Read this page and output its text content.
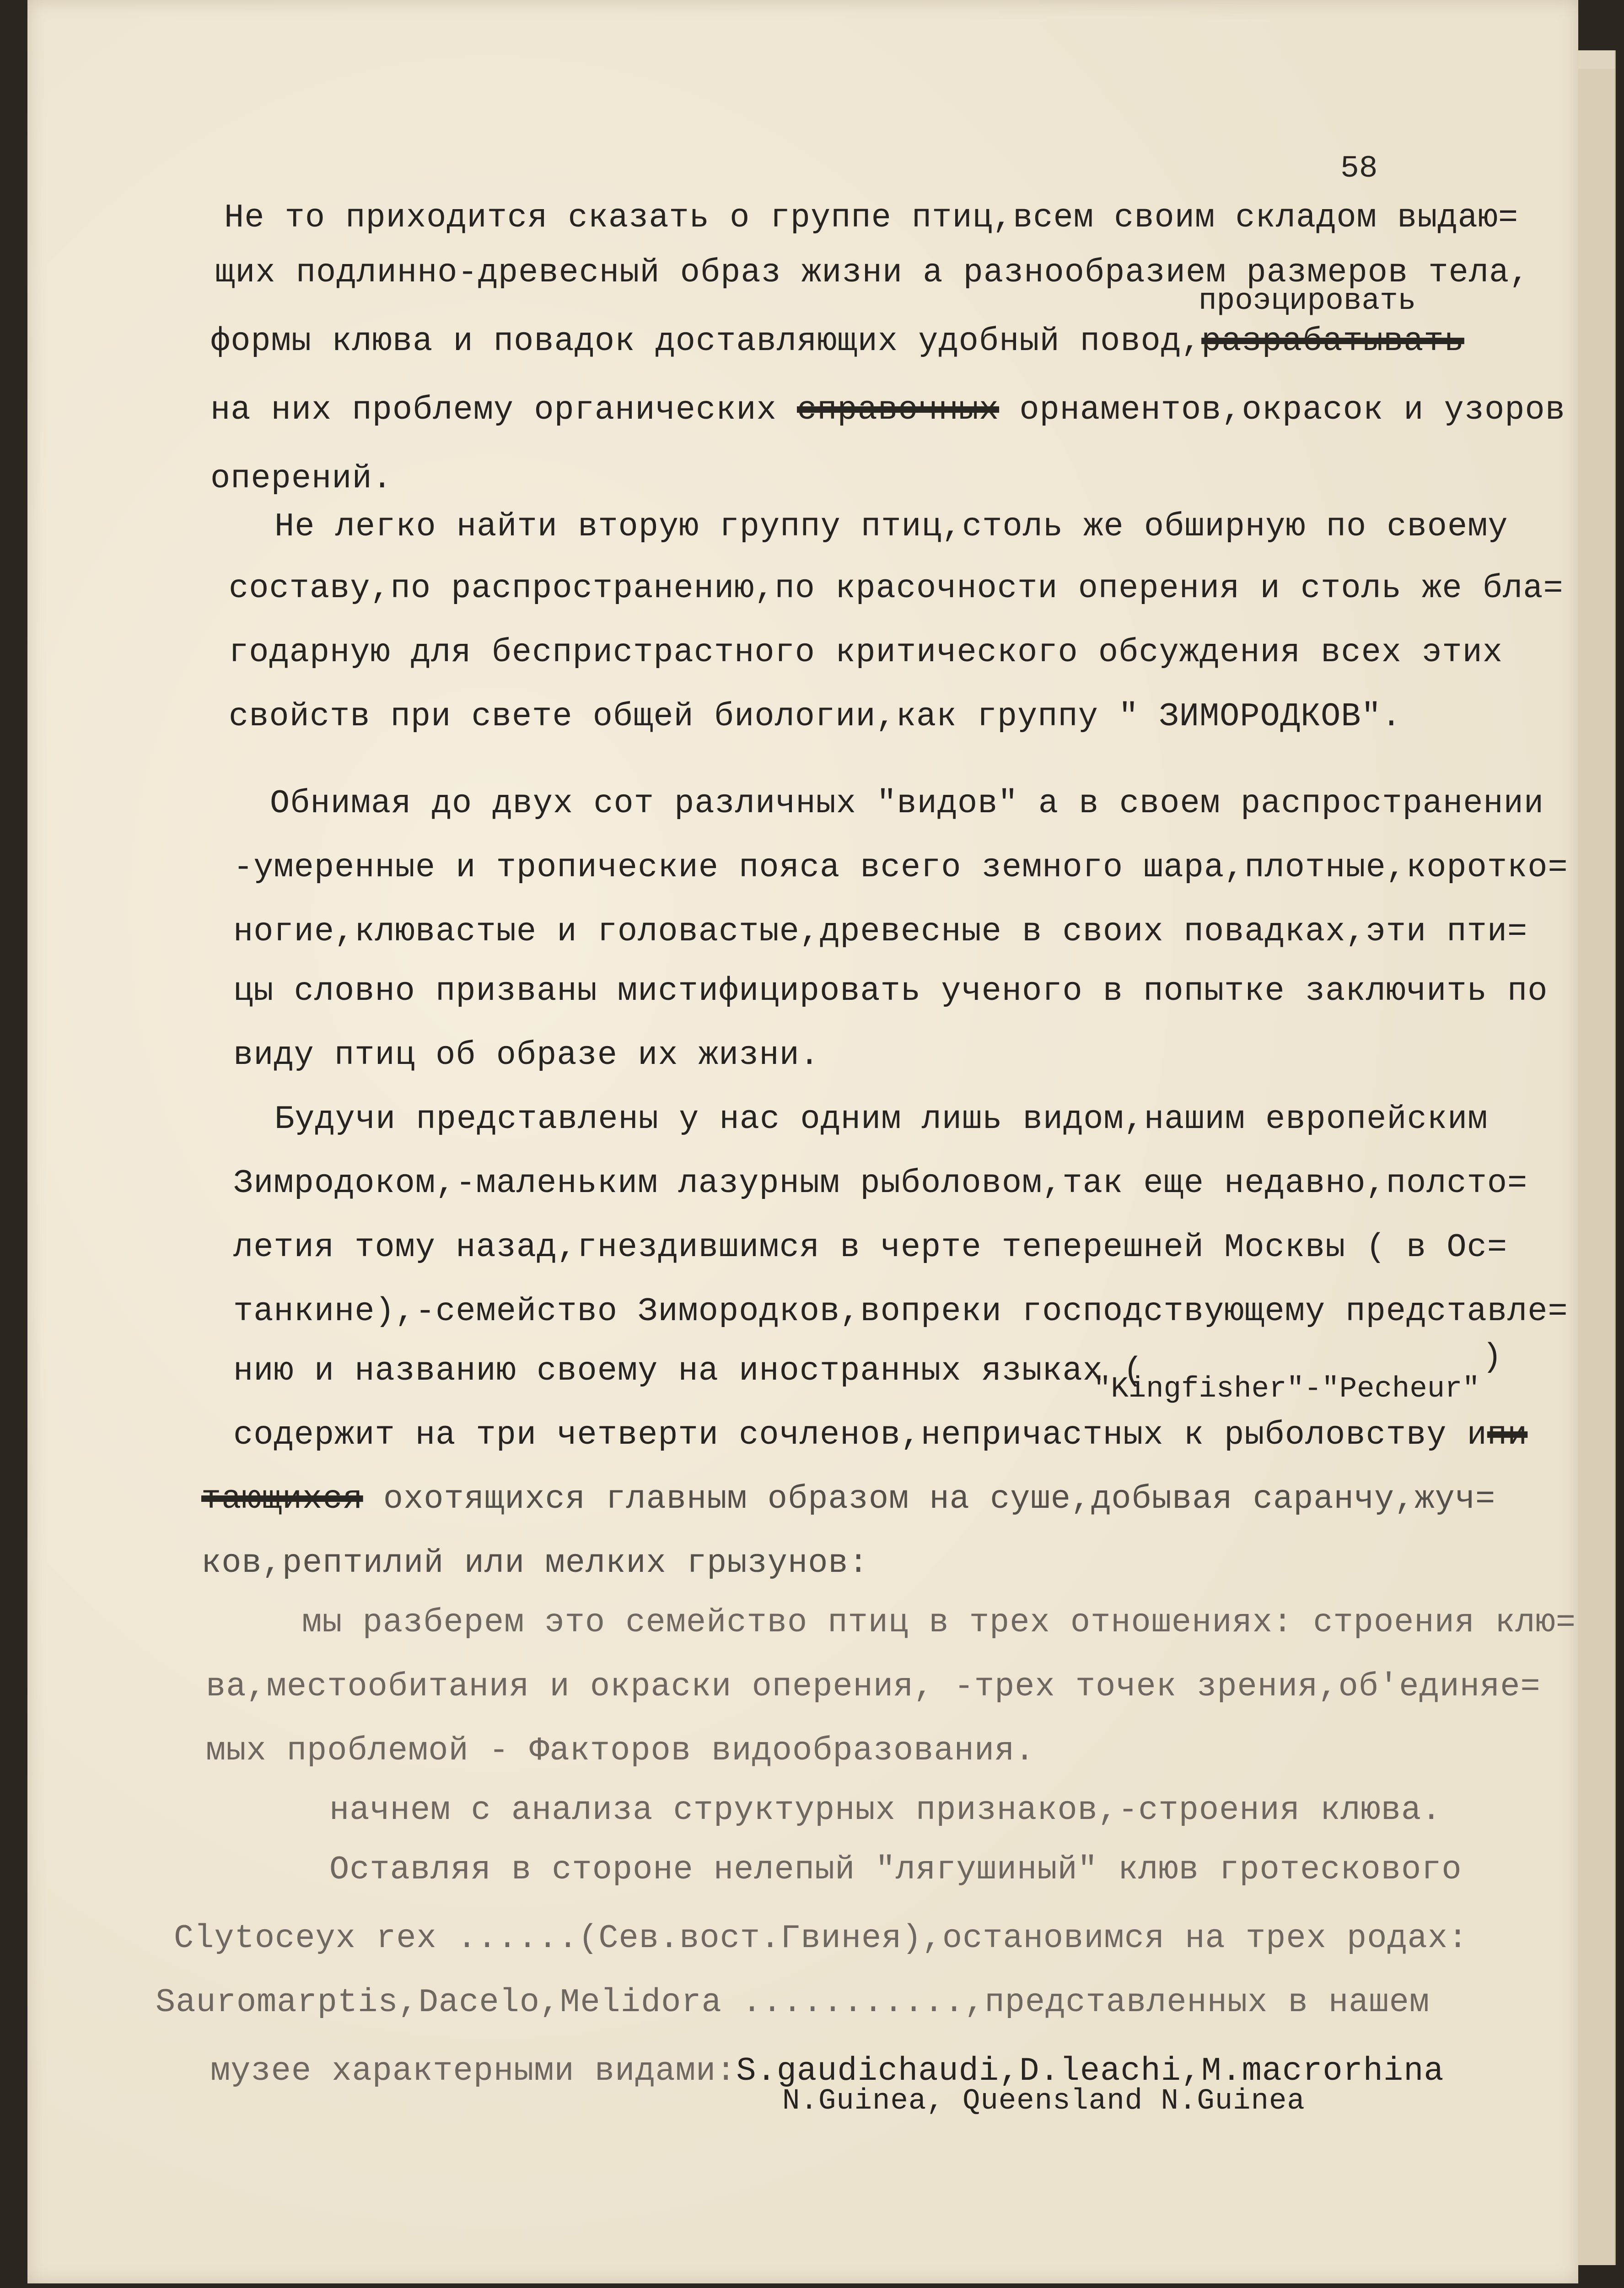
58
Не то приходится сказать о группе птиц,всем своим складом выдаю=
щих подлинно-древесный образ жизни а разнообразием размеров тела,
проэцировать
формы клюва и повадок доставляющих удобный повод,разрабатывать
на них проблему органических справочных орнаментов,окрасок и узоров
оперений.
Не легко найти вторую группу птиц,столь же обширную по своему
составу,по распространению,по красочности оперения и столь же бла=
годарную для беспристрастного критического обсуждения всех этих
свойств при свете общей биологии,как группу " ЗИМОРОДКОВ".
Обнимая до двух сот различных "видов" а в своем распространении
-умеренные и тропические пояса всего земного шара,плотные,коротко=
ногие,клювастые и головастые,древесные в своих повадках,эти пти=
цы словно призваны мистифицировать ученого в попытке заключить по
виду птиц об образе их жизни.
Будучи представлены у нас одним лишь видом,нашим европейским
Зимродоком,-маленьким лазурным рыболовом,так еще недавно,полсто=
летия тому назад,гнездившимся в черте теперешней Москвы ( в Ос=
танкине),-семейство Зимородков,вопреки господствующему представле=
нию и названию своему на иностранных языках (	)
"Kingfisher"-"Pecheur"
содержит на три четверти сочленов,непричастных к рыболовству ипи
тающихся охотящихся главным образом на суше,добывая саранчу,жуч=
ков,рептилий или мелких грызунов:
мы разберем это семейство птиц в трех отношениях: строения клю=
ва,местообитания и окраски оперения, -трех точек зрения,об'единяе=
мых проблемой - Факторов видообразования.
начнем с анализа структурных признаков,-строения клюва.
Оставляя в стороне нелепый "лягушиный" клюв гротескового
Clytoceyx rex ......(Сев.вост.Гвинея),остановимся на трех родах:
Sauromarptis,Dacelo,Melidora ...........,представленных в нашем
музее характерными видами:S.gaudichaudi,D.leachi,M.macrorhina
N.Guinea, Queensland N.Guinea
